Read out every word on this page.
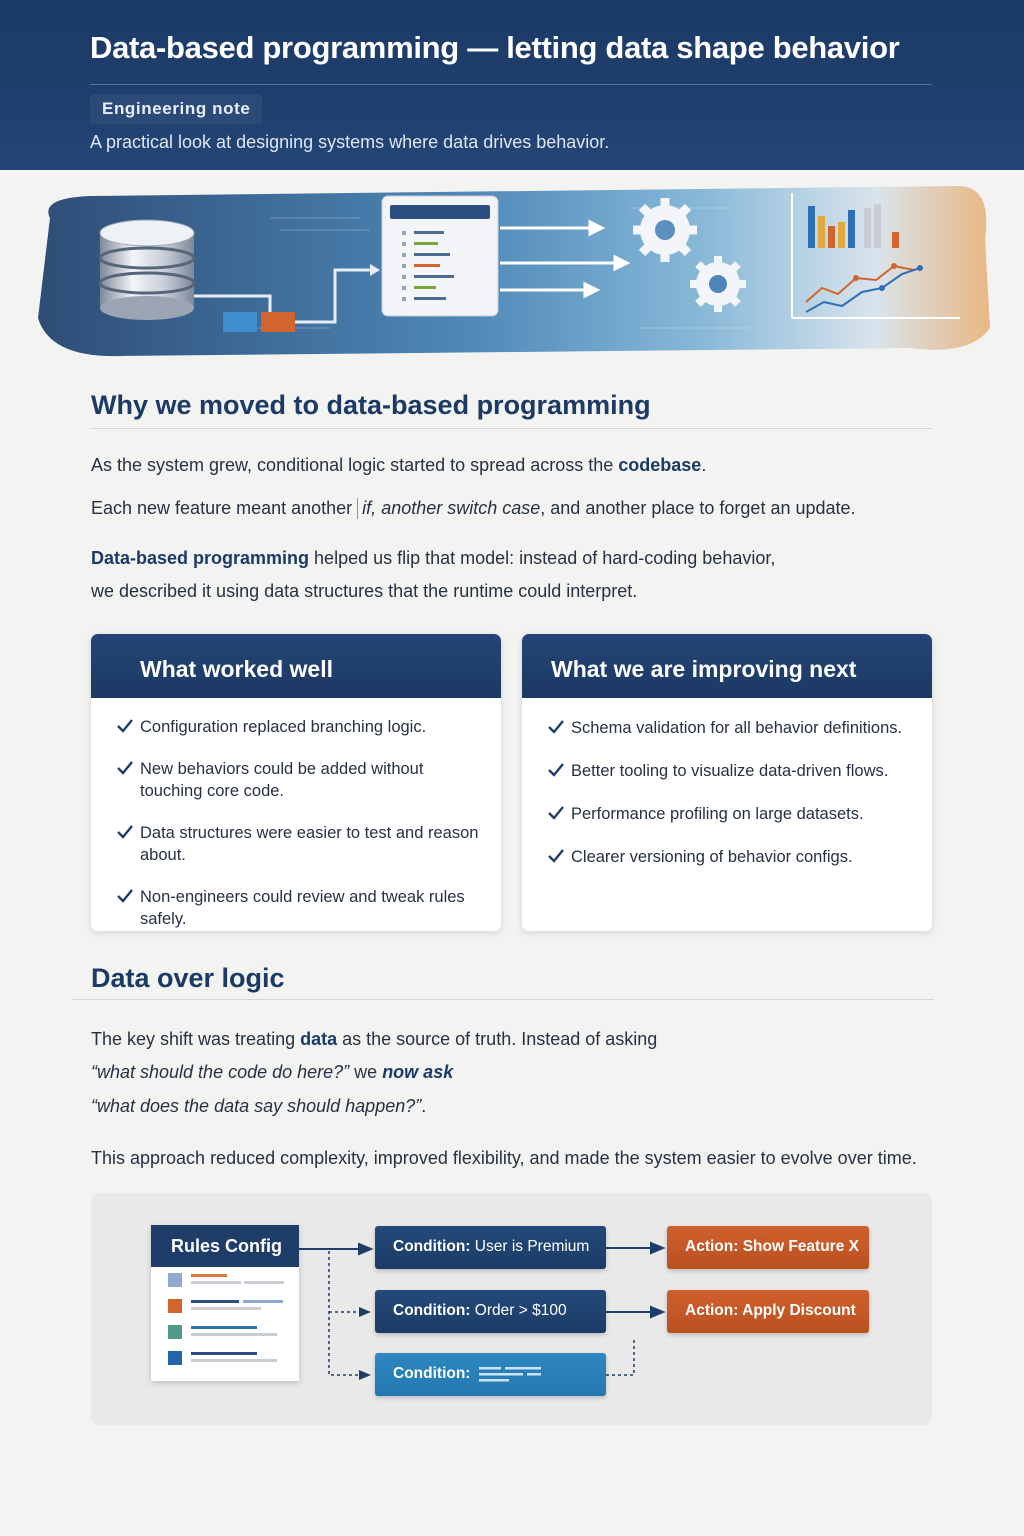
Data-based programming — letting data shape behavior
Engineering note
A practical look at designing systems where data drives behavior.
Why we moved to data-based programming
As the system grew, conditional logic started to spread across the codebase.
Each new feature meant another if, another switch case, and another place to forget an update.
Data-based programming helped us flip that model: instead of hard-coding behavior,
we described it using data structures that the runtime could interpret.
What worked well
Configuration replaced branching logic.
New behaviors could be added without touching core code.
Data structures were easier to test and reason about.
Non-engineers could review and tweak rules safely.
What we are improving next
Schema validation for all behavior definitions.
Better tooling to visualize data-driven flows.
Performance profiling on large datasets.
Clearer versioning of behavior configs.
Data over logic
The key shift was treating data as the source of truth. Instead of asking
“what should the code do here?” we now ask
“what does the data say should happen?”.
This approach reduced complexity, improved flexibility, and made the system easier to evolve over time.
Rules Config	Condition: User is Premium
Condition: Order > $100
Condition:
Action: Show Feature X
Action: Apply Discount
